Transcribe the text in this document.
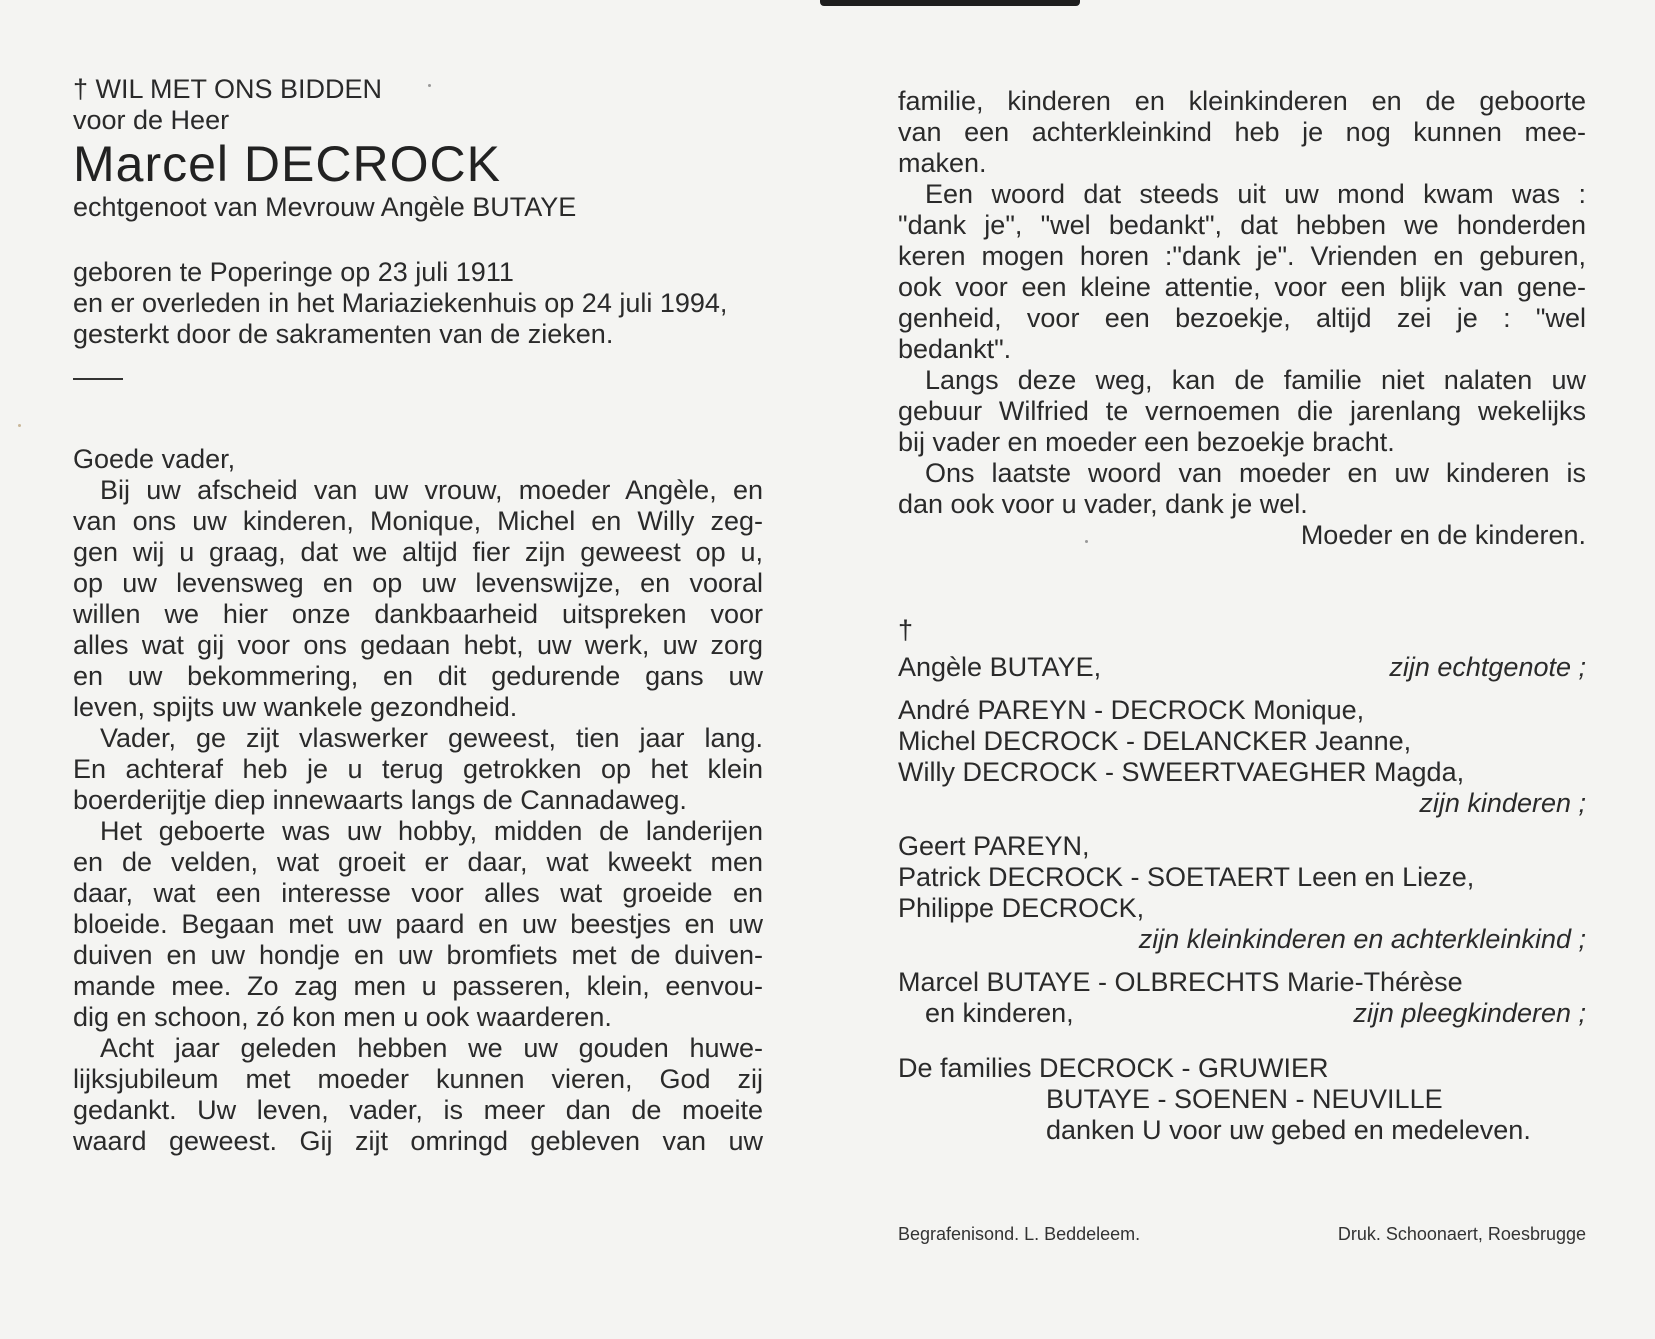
† WIL MET ONS BIDDEN
voor de Heer
Marcel DECROCK
echtgenoot van Mevrouw Angèle BUTAYE
geboren te Poperinge op 23 juli 1911
en er overleden in het Mariaziekenhuis op 24 juli 1994,
gesterkt door de sakramenten van de zieken.
Goede vader,
Bij uw afscheid van uw vrouw, moeder Angèle, en
van ons uw kinderen, Monique, Michel en Willy zeg-
gen wij u graag, dat we altijd fier zijn geweest op u,
op uw levensweg en op uw levenswijze, en vooral
willen we hier onze dankbaarheid uitspreken voor
alles wat gij voor ons gedaan hebt, uw werk, uw zorg
en uw bekommering, en dit gedurende gans uw
leven, spijts uw wankele gezondheid.
Vader, ge zijt vlaswerker geweest, tien jaar lang.
En achteraf heb je u terug getrokken op het klein
boerderijtje diep innewaarts langs de Cannadaweg.
Het geboerte was uw hobby, midden de landerijen
en de velden, wat groeit er daar, wat kweekt men
daar, wat een interesse voor alles wat groeide en
bloeide. Begaan met uw paard en uw beestjes en uw
duiven en uw hondje en uw bromfiets met de duiven-
mande mee. Zo zag men u passeren, klein, eenvou-
dig en schoon, zó kon men u ook waarderen.
Acht jaar geleden hebben we uw gouden huwe-
lijksjubileum met moeder kunnen vieren, God zij
gedankt. Uw leven, vader, is meer dan de moeite
waard geweest. Gij zijt omringd gebleven van uw
familie, kinderen en kleinkinderen en de geboorte
van een achterkleinkind heb je nog kunnen mee-
maken.
Een woord dat steeds uit uw mond kwam was :
"dank je", "wel bedankt", dat hebben we honderden
keren mogen horen :"dank je". Vrienden en geburen,
ook voor een kleine attentie, voor een blijk van gene-
genheid, voor een bezoekje, altijd zei je : "wel
bedankt".
Langs deze weg, kan de familie niet nalaten uw
gebuur Wilfried te vernoemen die jarenlang wekelijks
bij vader en moeder een bezoekje bracht.
Ons laatste woord van moeder en uw kinderen is
dan ook voor u vader, dank je wel.
Moeder en de kinderen.
†
Angèle BUTAYE,	zijn echtgenote ;
André PAREYN - DECROCK Monique,
Michel DECROCK - DELANCKER Jeanne,
Willy DECROCK - SWEERTVAEGHER Magda,
zijn kinderen ;
Geert PAREYN,
Patrick DECROCK - SOETAERT Leen en Lieze,
Philippe DECROCK,
zijn kleinkinderen en achterkleinkind ;
Marcel BUTAYE - OLBRECHTS Marie-Thérèse
en kinderen,	zijn pleegkinderen ;
De families DECROCK - GRUWIER
BUTAYE - SOENEN - NEUVILLE
danken U voor uw gebed en medeleven.
Begrafenisond. L. Beddeleem.	Druk. Schoonaert, Roesbrugge
